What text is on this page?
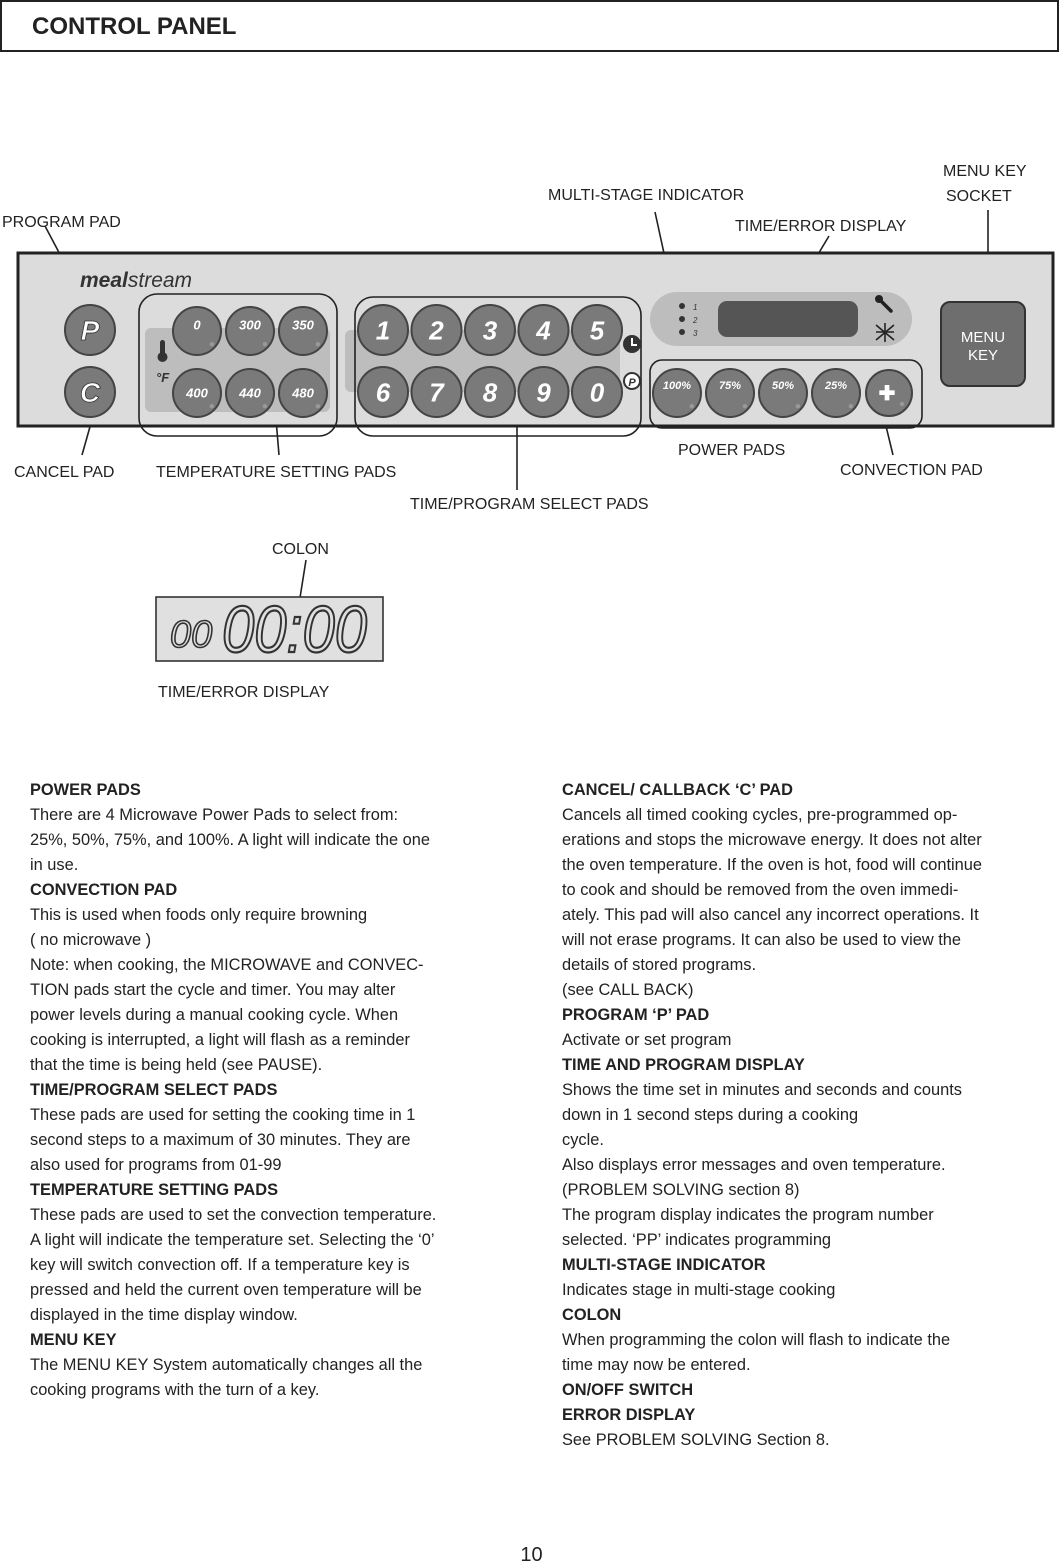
CONTROL PANEL
MENU KEY
SOCKET
MULTI-STAGE INDICATOR
TIME/ERROR DISPLAY
PROGRAM PAD
CANCEL PAD	TEMPERATURE SETTING PADS
POWER PADS
CONVECTION PAD
TIME/PROGRAM SELECT PADS
COLON
TIME/ERROR DISPLAY
mealstream
P
C	°F
0	300 350
400 440 480
1 2 3 4 5
6 7 8 9 0 P
1
2
3
100%	75%	50%	25% ✚
MENU
KEY
00 00:00

POWER PADS

There are 4 Microwave Power Pads to select from:

25%, 50%, 75%, and 100%. A light will indicate the one

in use.

CONVECTION PAD

This is used when foods only require browning

( no microwave )

Note: when cooking, the MICROWAVE and CONVEC-

TION pads start the cycle and timer. You may alter

power levels during a manual cooking cycle. When

cooking is interrupted, a light will flash as a reminder

that the time is being held (see PAUSE).

TIME/PROGRAM SELECT PADS

These pads are used for setting the cooking time in 1

second steps to a maximum of 30 minutes. They are

also used for programs from 01-99

TEMPERATURE SETTING PADS

These pads are used to set the convection temperature.

A light will indicate the temperature set. Selecting the ‘0’

key will switch convection off. If a temperature key is

pressed and held the current oven temperature will be

displayed in the time display window.

MENU KEY

The MENU KEY System automatically changes all the

cooking programs with the turn of a key.

CANCEL/ CALLBACK ‘C’ PAD

Cancels all timed cooking cycles, pre-programmed op-

erations and stops the microwave energy. It does not alter

the oven temperature. If the oven is hot, food will continue

to cook and should be removed from the oven immedi-

ately. This pad will also cancel any incorrect operations. It

will not erase programs. It can also be used to view the

details of stored programs.

(see CALL BACK)

PROGRAM ‘P’ PAD

Activate or set program

TIME AND PROGRAM DISPLAY

Shows the time set in minutes and seconds and counts

down in 1 second steps during a cooking

cycle.

Also displays error messages and oven temperature.

(PROBLEM SOLVING section 8)

The program display indicates the program number

selected. ‘PP’ indicates programming

MULTI-STAGE INDICATOR

Indicates stage in multi-stage cooking

COLON

When programming the colon will flash to indicate the

time may now be entered.

ON/OFF SWITCH

ERROR DISPLAY

See PROBLEM SOLVING Section 8.

10
